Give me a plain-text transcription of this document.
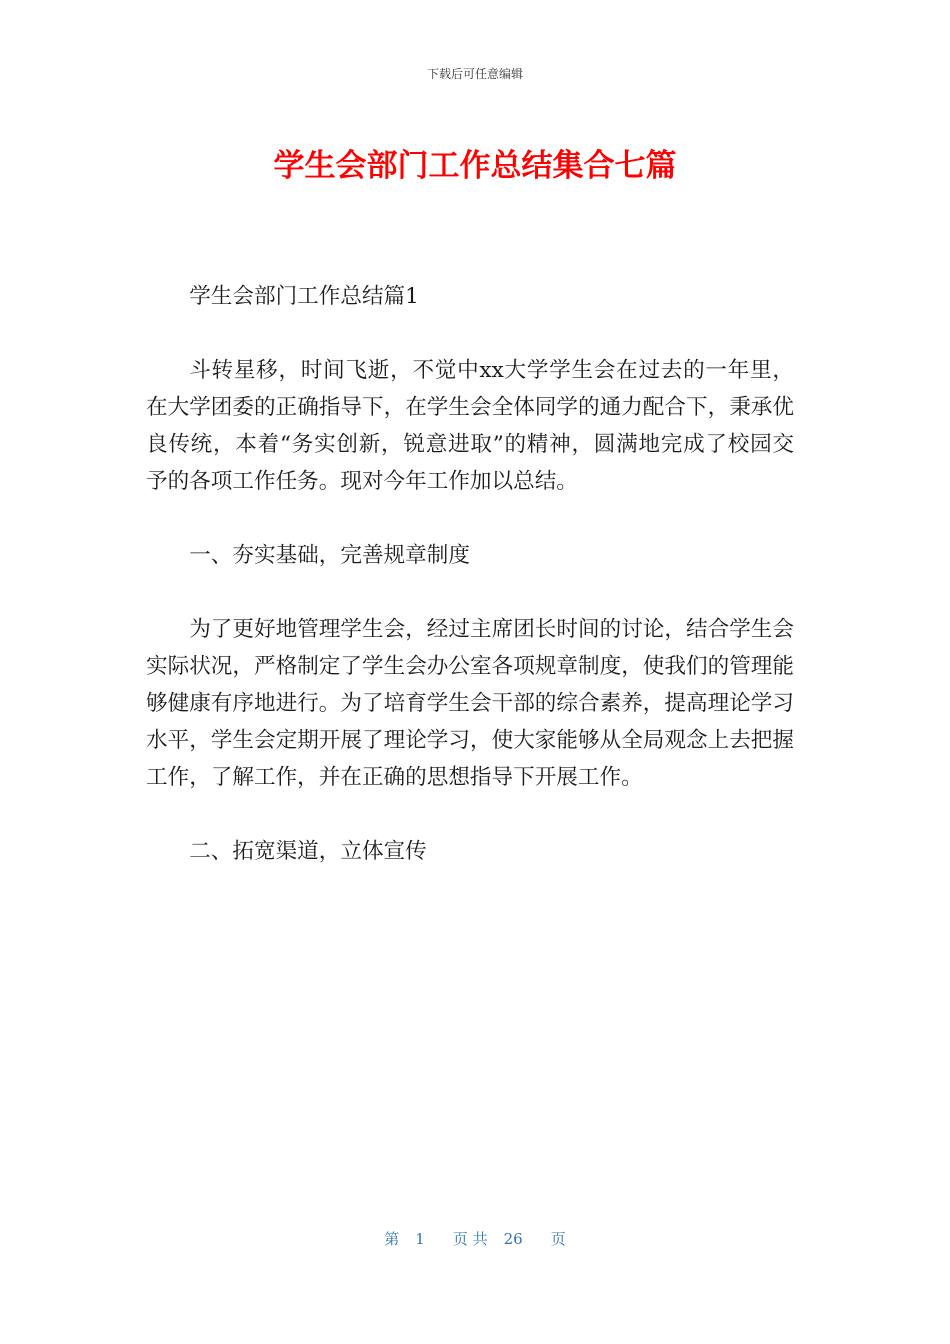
下载后可任意编辑
学生会部门工作总结集合七篇

学生会部门工作总结篇1

斗转星移，时间飞逝，不觉中xx大学学生会在过去的一年里，在大学团委的正确指导下，在学生会全体同学的通力配合下，秉承优良传统，本着“务实创新，锐意进取”的精神，圆满地完成了校园交予的各项工作任务。现对今年工作加以总结。

一、夯实基础，完善规章制度

为了更好地管理学生会，经过主席团长时间的讨论，结合学生会实际状况，严格制定了学生会办公室各项规章制度，使我们的管理能够健康有序地进行。为了培育学生会干部的综合素养，提高理论学习水平，学生会定期开展了理论学习，使大家能够从全局观念上去把握工作，了解工作，并在正确的思想指导下开展工作。

二、拓宽渠道，立体宣传

第 1 页 共 26 页
